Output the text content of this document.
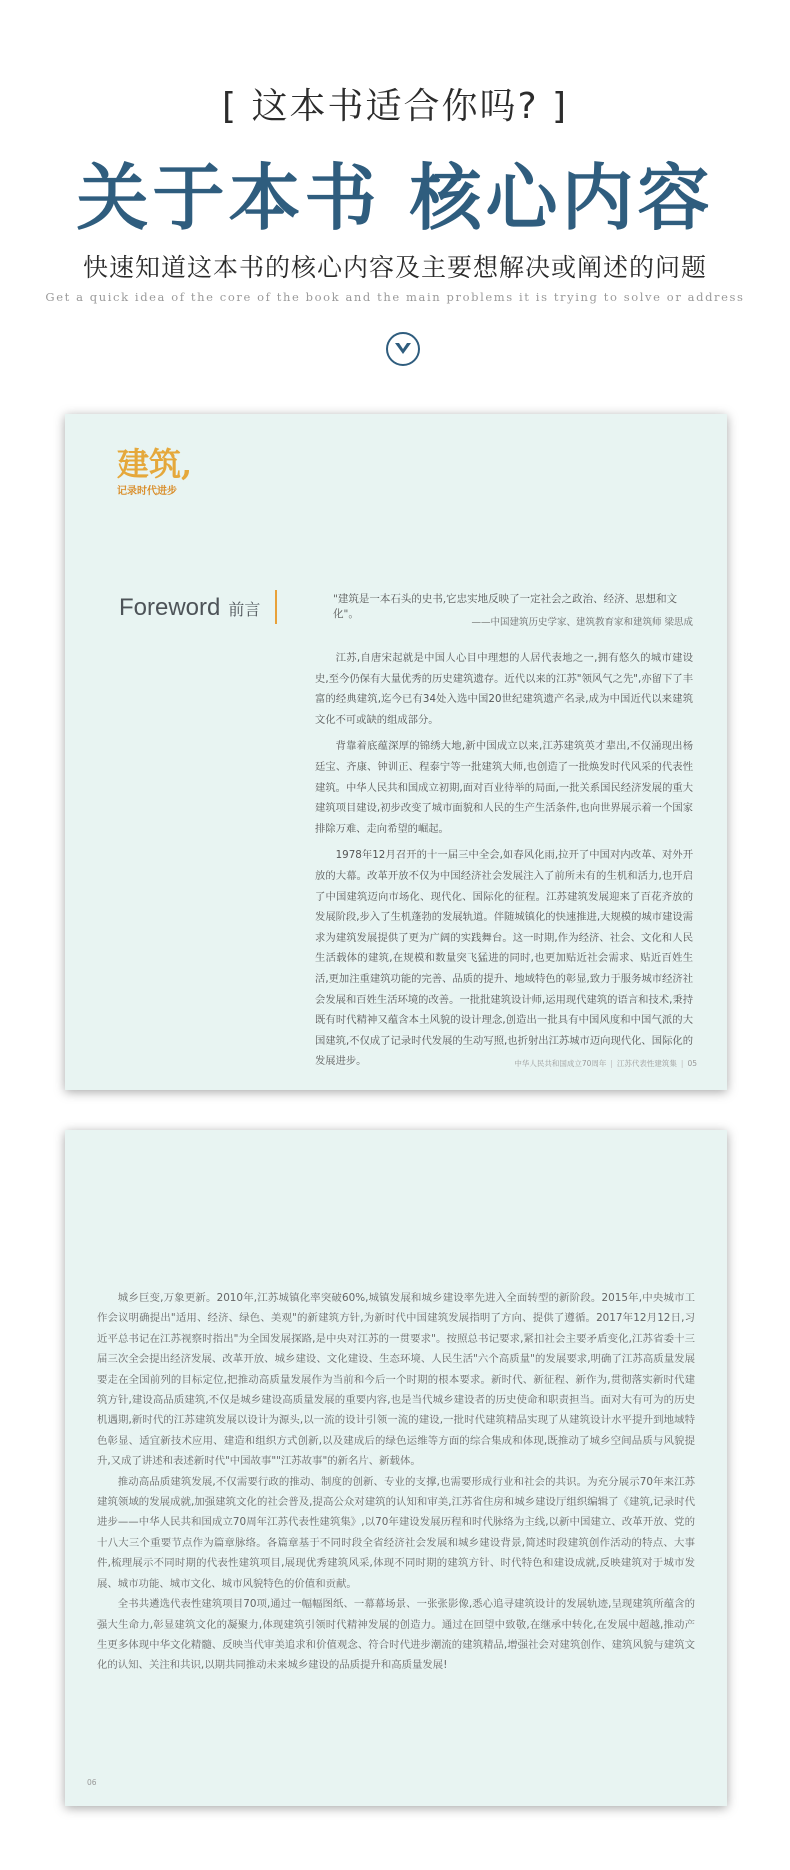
[ 这本书适合你吗? ]
关于本书 核心内容
快速知道这本书的核心内容及主要想解决或阐述的问题
Get a quick idea of the core of the book and the main problems it is trying to solve or address
建筑,
记录时代进步
Foreword 前言
"建筑是一本石头的史书,它忠实地反映了一定社会之政治、经济、思想和文化"。
——中国建筑历史学家、建筑教育家和建筑师 梁思成

江苏,自唐宋起就是中国人心目中理想的人居代表地之一,拥有悠久的城市建设史,至今仍保有大量优秀的历史建筑遗存。近代以来的江苏"领风气之先",亦留下了丰富的经典建筑,迄今已有34处入选中国20世纪建筑遗产名录,成为中国近代以来建筑文化不可或缺的组成部分。

背靠着底蕴深厚的锦绣大地,新中国成立以来,江苏建筑英才辈出,不仅涌现出杨廷宝、齐康、钟训正、程泰宁等一批建筑大师,也创造了一批焕发时代风采的代表性建筑。中华人民共和国成立初期,面对百业待举的局面,一批关系国民经济发展的重大建筑项目建设,初步改变了城市面貌和人民的生产生活条件,也向世界展示着一个国家排除万难、走向希望的崛起。

1978年12月召开的十一届三中全会,如春风化雨,拉开了中国对内改革、对外开放的大幕。改革开放不仅为中国经济社会发展注入了前所未有的生机和活力,也开启了中国建筑迈向市场化、现代化、国际化的征程。江苏建筑发展迎来了百花齐放的发展阶段,步入了生机蓬勃的发展轨道。伴随城镇化的快速推进,大规模的城市建设需求为建筑发展提供了更为广阔的实践舞台。这一时期,作为经济、社会、文化和人民生活载体的建筑,在规模和数量突飞猛进的同时,也更加贴近社会需求、贴近百姓生活,更加注重建筑功能的完善、品质的提升、地域特色的彰显,致力于服务城市经济社会发展和百姓生活环境的改善。一批批建筑设计师,运用现代建筑的语言和技术,秉持既有时代精神又蕴含本土风貌的设计理念,创造出一批具有中国风度和中国气派的大国建筑,不仅成了记录时代发展的生动写照,也折射出江苏城市迈向现代化、国际化的发展进步。	中华人民共和国成立70周年 | 江苏代表性建筑集 | 05

城乡巨变,万象更新。2010年,江苏城镇化率突破60%,城镇发展和城乡建设率先进入全面转型的新阶段。2015年,中央城市工作会议明确提出"适用、经济、绿色、美观"的新建筑方针,为新时代中国建筑发展指明了方向、提供了遵循。2017年12月12日,习近平总书记在江苏视察时指出"为全国发展探路,是中央对江苏的一贯要求"。按照总书记要求,紧扣社会主要矛盾变化,江苏省委十三届三次全会提出经济发展、改革开放、城乡建设、文化建设、生态环境、人民生活"六个高质量"的发展要求,明确了江苏高质量发展要走在全国前列的目标定位,把推动高质量发展作为当前和今后一个时期的根本要求。新时代、新征程、新作为,贯彻落实新时代建筑方针,建设高品质建筑,不仅是城乡建设高质量发展的重要内容,也是当代城乡建设者的历史使命和职责担当。面对大有可为的历史机遇期,新时代的江苏建筑发展以设计为源头,以一流的设计引领一流的建设,一批时代建筑精品实现了从建筑设计水平提升到地域特色彰显、适宜新技术应用、建造和组织方式创新,以及建成后的绿色运维等方面的综合集成和体现,既推动了城乡空间品质与风貌提升,又成了讲述和表述新时代"中国故事""江苏故事"的新名片、新载体。

推动高品质建筑发展,不仅需要行政的推动、制度的创新、专业的支撑,也需要形成行业和社会的共识。为充分展示70年来江苏建筑领域的发展成就,加强建筑文化的社会普及,提高公众对建筑的认知和审美,江苏省住房和城乡建设厅组织编辑了《建筑,记录时代进步——中华人民共和国成立70周年江苏代表性建筑集》,以70年建设发展历程和时代脉络为主线,以新中国建立、改革开放、党的十八大三个重要节点作为篇章脉络。各篇章基于不同时段全省经济社会发展和城乡建设背景,简述时段建筑创作活动的特点、大事件,梳理展示不同时期的代表性建筑项目,展现优秀建筑风采,体现不同时期的建筑方针、时代特色和建设成就,反映建筑对于城市发展、城市功能、城市文化、城市风貌特色的价值和贡献。

全书共遴选代表性建筑项目70项,通过一幅幅图纸、一幕幕场景、一张张影像,悉心追寻建筑设计的发展轨迹,呈现建筑所蕴含的强大生命力,彰显建筑文化的凝聚力,体现建筑引领时代精神发展的创造力。通过在回望中致敬,在继承中转化,在发展中超越,推动产生更多体现中华文化精髓、反映当代审美追求和价值观念、符合时代进步潮流的建筑精品,增强社会对建筑创作、建筑风貌与建筑文化的认知、关注和共识,以期共同推动未来城乡建设的品质提升和高质量发展!

06
